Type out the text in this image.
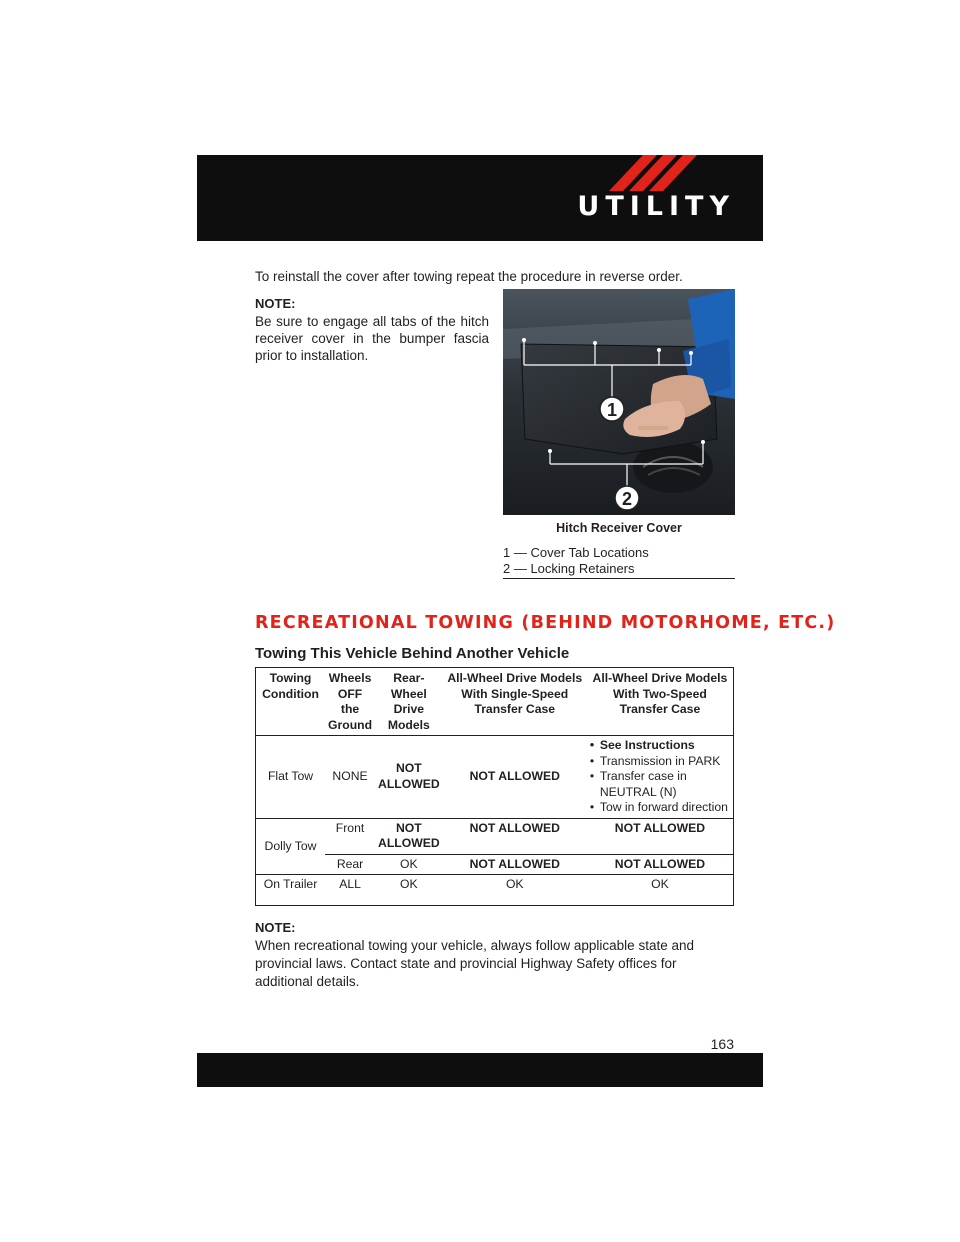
UTILITY
To reinstall the cover after towing repeat the procedure in reverse order.
NOTE:
Be sure to engage all tabs of the hitch receiver cover in the bumper fascia prior to installation.
1
2
Hitch Receiver Cover
1 — Cover Tab Locations
2 — Locking Retainers
RECREATIONAL TOWING (BEHIND MOTORHOME, ETC.)
Towing This Vehicle Behind Another Vehicle
Towing Condition	Wheels OFF the Ground	Rear-Wheel Drive Models	All-Wheel Drive Models With Single-Speed Transfer Case	All-Wheel Drive Models With Two-Speed Transfer Case
Flat Tow	NONE	NOT ALLOWED	NOT ALLOWED	• See Instructions
• Transmission in PARK
• Transfer case in NEUTRAL (N)
• Tow in forward direction

Dolly Tow	Front	NOT ALLOWED	NOT ALLOWED	NOT ALLOWED
	Rear	OK	NOT ALLOWED	NOT ALLOWED
On Trailer	ALL	OK	OK	OK
NOTE:
When recreational towing your vehicle, always follow applicable state and provincial laws. Contact state and provincial Highway Safety offices for additional details.
163
